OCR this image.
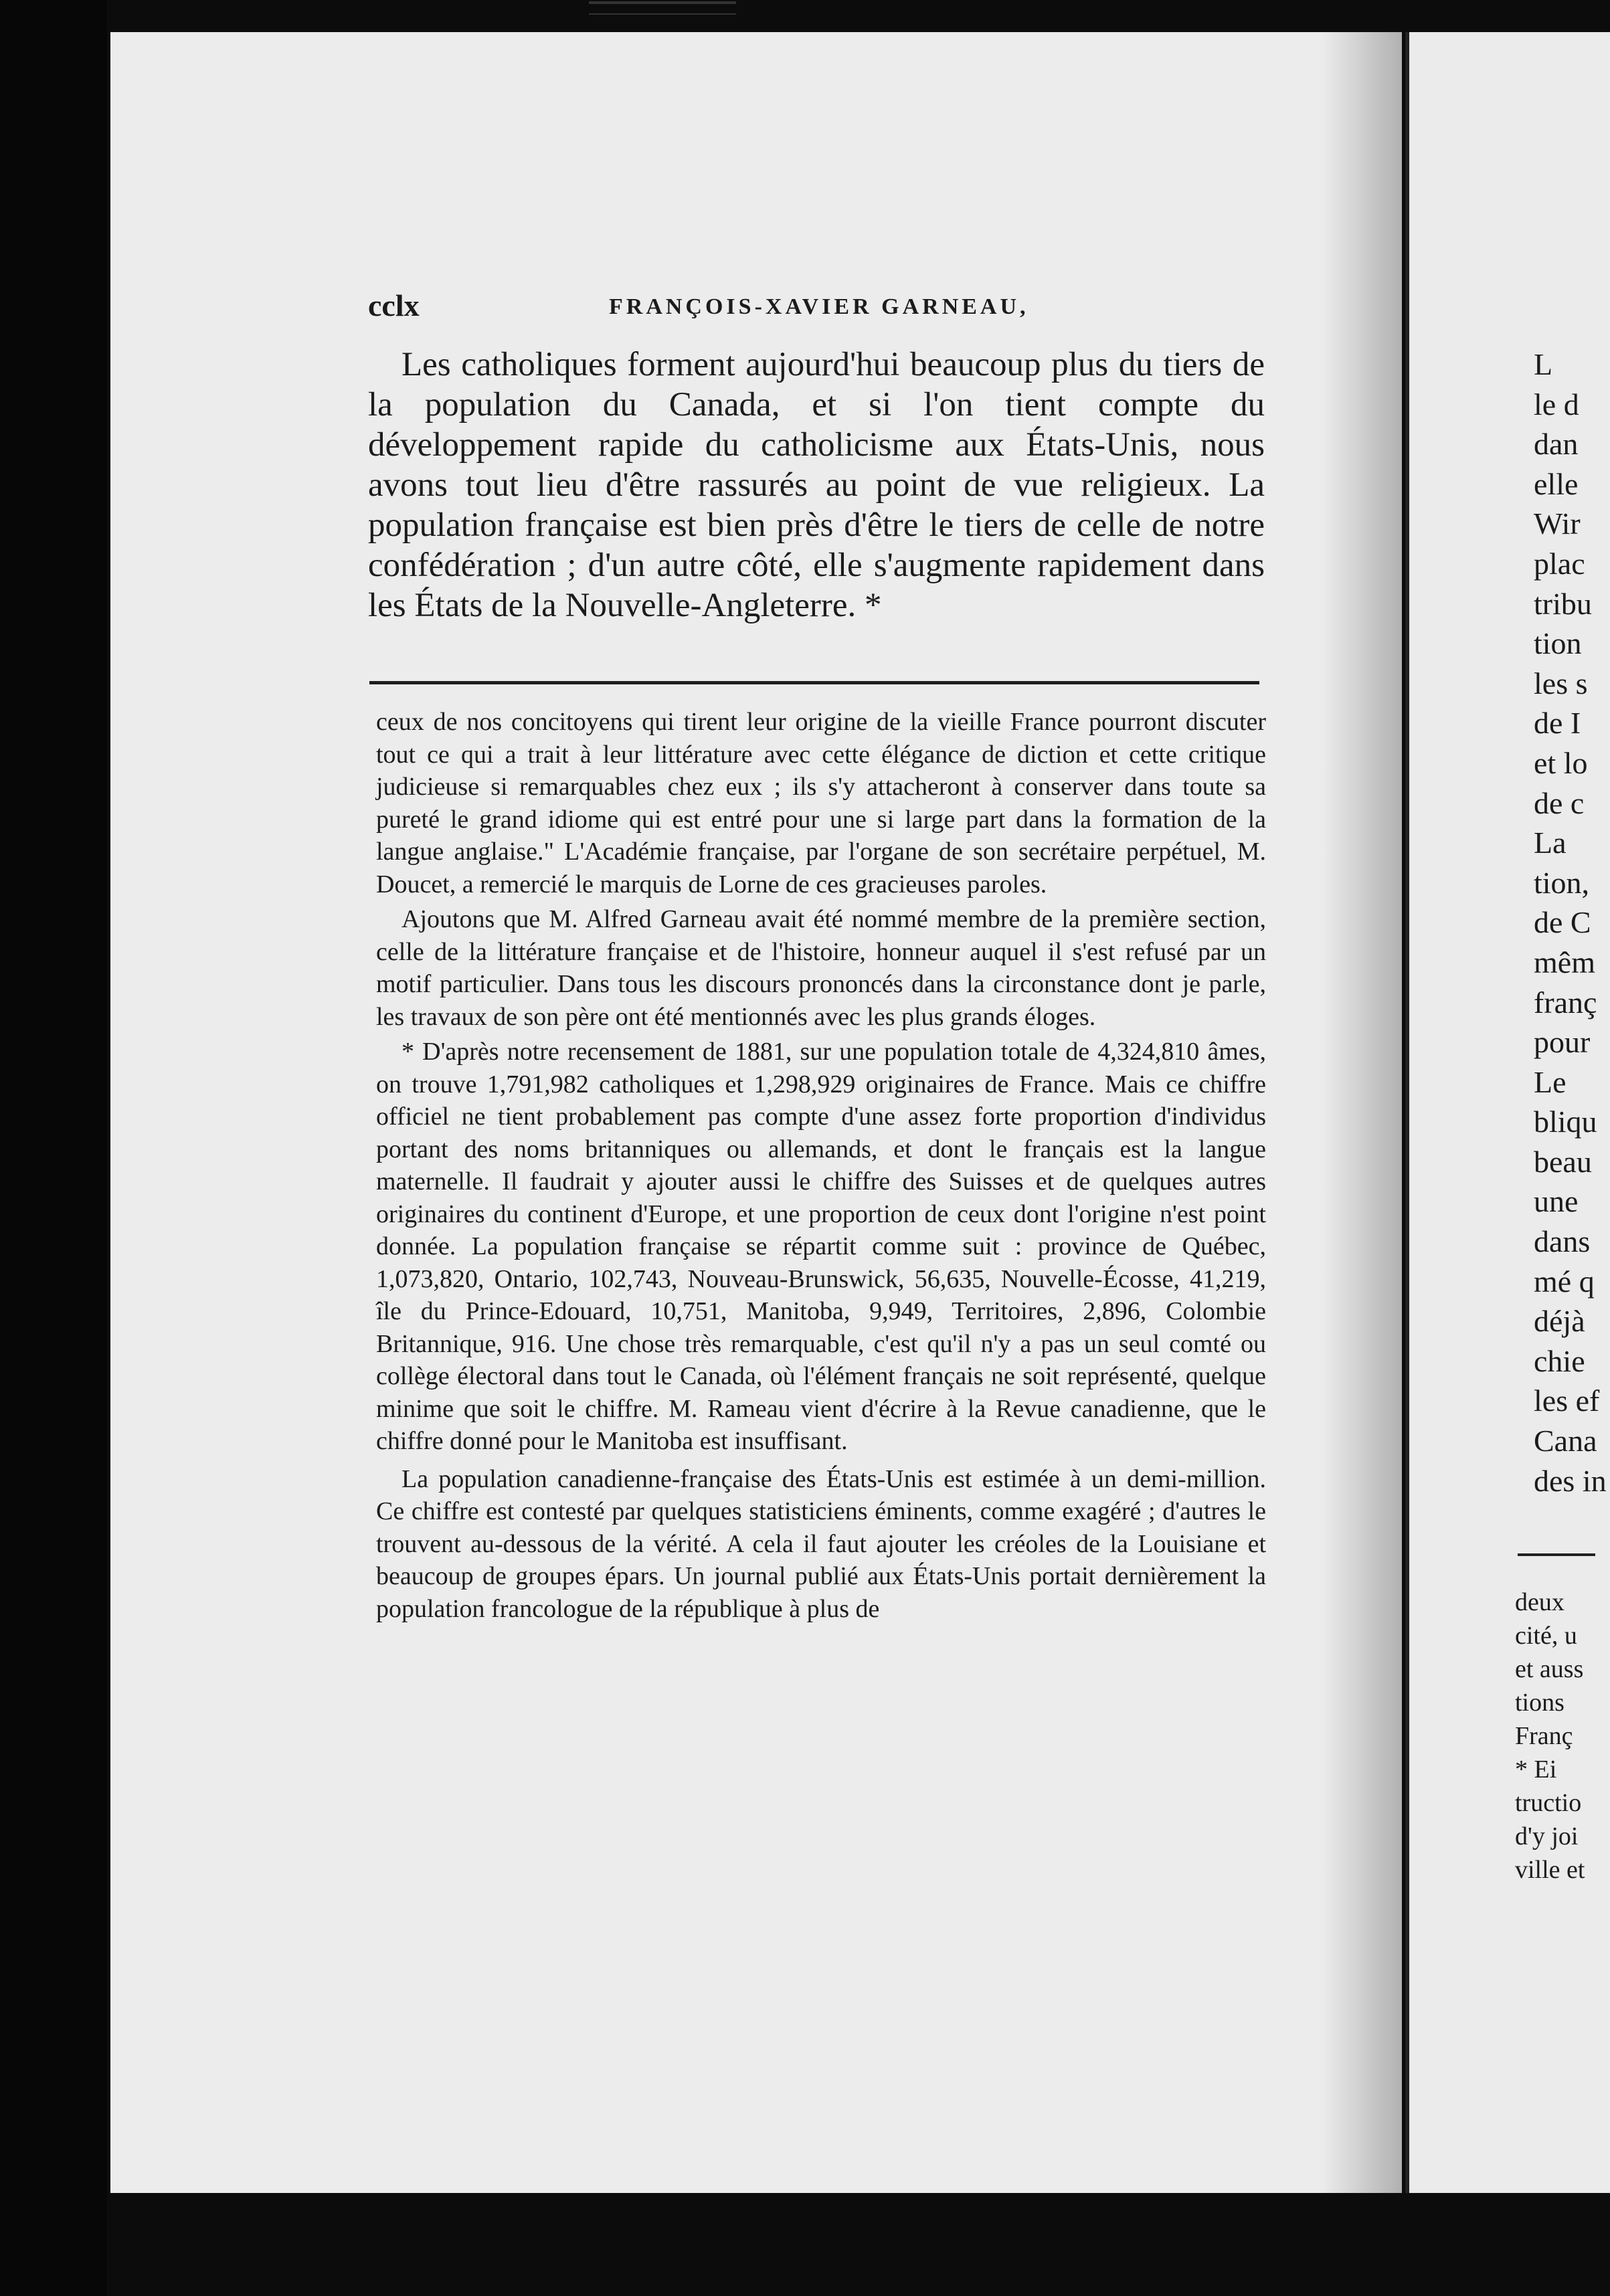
cclx	FRANÇOIS-XAVIER GARNEAU,

Les catholiques forment aujourd'hui beaucoup plus du tiers de la population du Canada, et si l'on tient compte du développement rapide du catholicisme aux États-Unis, nous avons tout lieu d'être rassurés au point de vue religieux. La population française est bien près d'être le tiers de celle de notre confédération ; d'un autre côté, elle s'augmente rapidement dans les États de la Nouvelle-Angleterre. *

ceux de nos concitoyens qui tirent leur origine de la vieille France pourront discuter tout ce qui a trait à leur littérature avec cette élégance de diction et cette critique judicieuse si remarquables chez eux ; ils s'y attacheront à conserver dans toute sa pureté le grand idiome qui est entré pour une si large part dans la formation de la langue anglaise." L'Académie française, par l'organe de son secrétaire perpétuel, M. Doucet, a remercié le marquis de Lorne de ces gracieuses paroles.

Ajoutons que M. Alfred Garneau avait été nommé membre de la première section, celle de la littérature française et de l'histoire, honneur auquel il s'est refusé par un motif particulier. Dans tous les discours prononcés dans la circonstance dont je parle, les travaux de son père ont été mentionnés avec les plus grands éloges.

* D'après notre recensement de 1881, sur une population totale de 4,324,810 âmes, on trouve 1,791,982 catholiques et 1,298,929 originaires de France. Mais ce chiffre officiel ne tient probablement pas compte d'une assez forte proportion d'individus portant des noms britanniques ou allemands, et dont le français est la langue maternelle. Il faudrait y ajouter aussi le chiffre des Suisses et de quelques autres originaires du continent d'Europe, et une proportion de ceux dont l'origine n'est point donnée. La population française se répartit comme suit : province de Québec, 1,073,820, Ontario, 102,743, Nouveau-Brunswick, 56,635, Nouvelle-Écosse, 41,219, île du Prince-Edouard, 10,751, Manitoba, 9,949, Territoires, 2,896, Colombie Britannique, 916. Une chose très remarquable, c'est qu'il n'y a pas un seul comté ou collège électoral dans tout le Canada, où l'élément français ne soit représenté, quelque minime que soit le chiffre. M. Rameau vient d'écrire à la Revue canadienne, que le chiffre donné pour le Manitoba est insuffisant.

La population canadienne-française des États-Unis est estimée à un demi-million. Ce chiffre est contesté par quelques statisticiens éminents, comme exagéré ; d'autres le trouvent au-dessous de la vérité. A cela il faut ajouter les créoles de la Louisiane et beaucoup de groupes épars. Un journal publié aux États-Unis portait dernièrement la population francologue de la république à plus de

L
le d
dan
elle
Wir
plac
tribu
tion
les s
de I
et lo
de c
La
tion,
de C
mêm
franç
pour
Le
bliqu
beau
une
dans
mé q
déjà
chie
les ef
Cana
des in
deux
cité, u
et auss
tions
Franç
* Ei
tructio
d'y joi
ville et
